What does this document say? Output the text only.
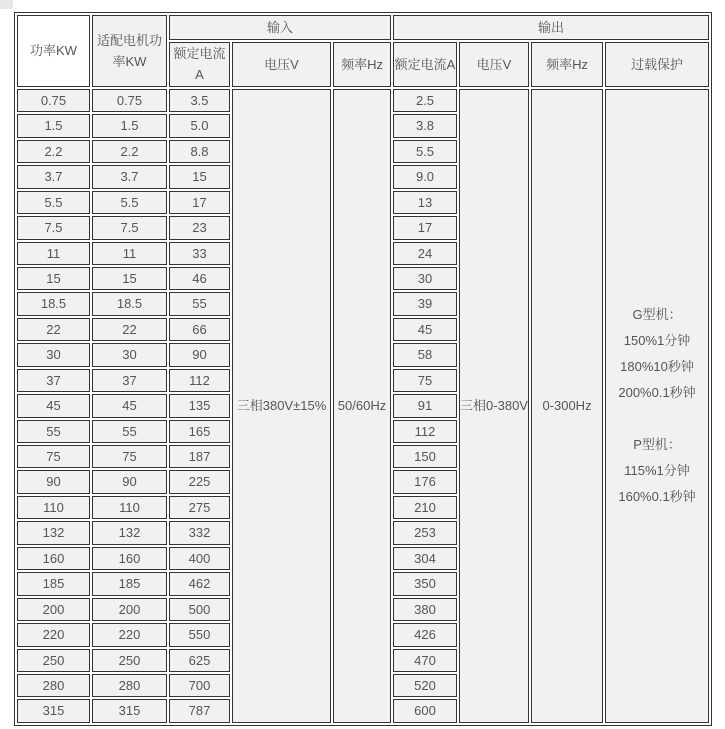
功率KW	适配电机功率KW	输入			输出			
		额定电流A	电压V	频率Hz	额定电流A	电压V	频率Hz	过载保护
0.75	0.75	3.5	三相380V±15%	50/60Hz	2.5	三相0-380V	0-300Hz	
G型机：
150%1分钟
180%10秒钟
200%0.1秒钟

P型机：
115%1分钟
160%0.1秒钟

1.5	1.5	5.0			3.8			
2.2	2.2	8.8			5.5			
3.7	3.7	15			9.0			
5.5	5.5	17			13			
7.5	7.5	23			17			
11	11	33			24			
15	15	46			30			
18.5	18.5	55			39			
22	22	66			45			
30	30	90			58			
37	37	112			75			
45	45	135			91			
55	55	165			112			
75	75	187			150			
90	90	225			176			
110	110	275			210			
132	132	332			253			
160	160	400			304			
185	185	462			350			
200	200	500			380			
220	220	550			426			
250	250	625			470			
280	280	700			520			
315	315	787			600			
